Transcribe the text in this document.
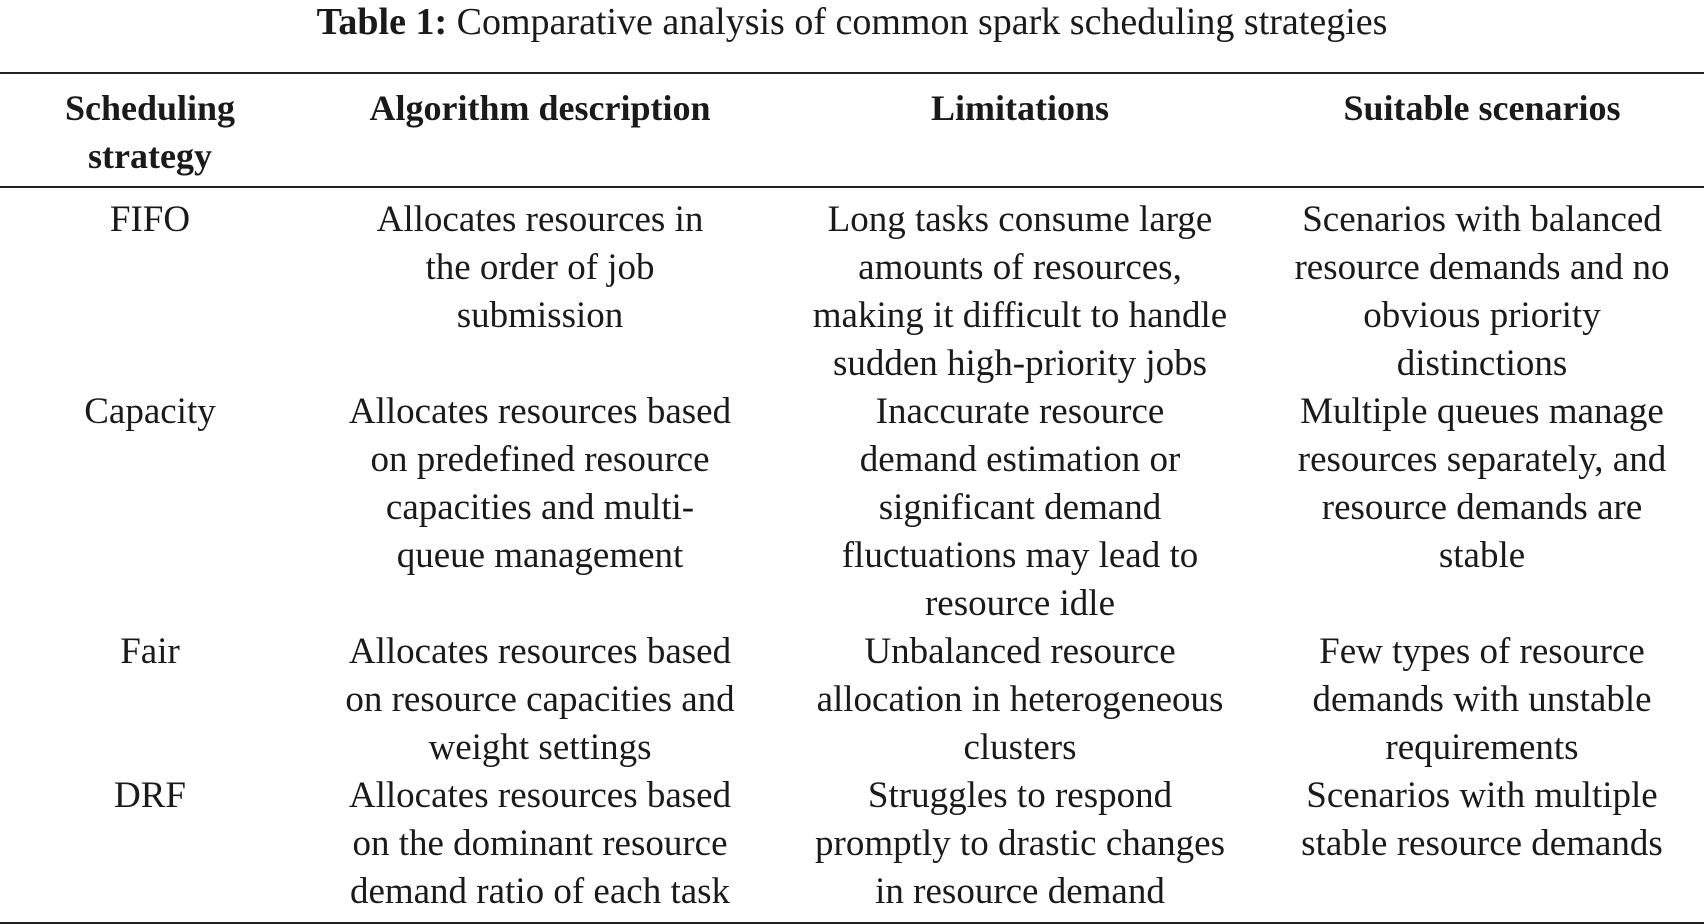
Table 1: Comparative analysis of common spark scheduling strategies
Scheduling strategy	Algorithm description	Limitations	Suitable scenarios
FIFO	Allocates resources in the order of job submission	Long tasks consume large amounts of resources, making it difficult to handle sudden high-priority jobs	Scenarios with balanced resource demands and no obvious priority distinctions
Capacity	Allocates resources based on predefined resource capacities and multi-queue management	Inaccurate resource demand estimation or significant demand fluctuations may lead to resource idle	Multiple queues manage resources separately, and resource demands are stable
Fair	Allocates resources based on resource capacities and weight settings	Unbalanced resource allocation in heterogeneous clusters	Few types of resource demands with unstable requirements
DRF	Allocates resources based on the dominant resource demand ratio of each task	Struggles to respond promptly to drastic changes in resource demand	Scenarios with multiple stable resource demands
